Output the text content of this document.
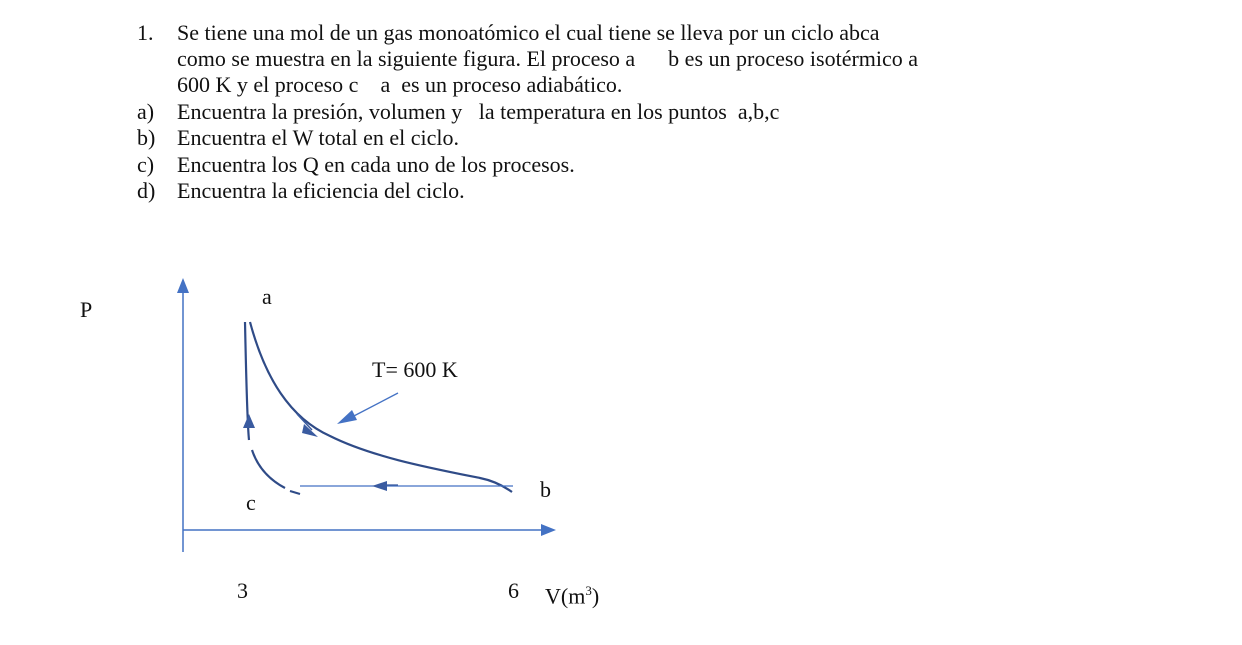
1. Se tiene una mol de un gas monoatómico el cual tiene se lleva por un ciclo abca
como se muestra en la siguiente figura. El proceso a      b es un proceso isotérmico a
600 K y el proceso c    a  es un proceso adiabático.
a) Encuentra la presión, volumen y   la temperatura en los puntos  a,b,c
b) Encuentra el W total en el ciclo.
c) Encuentra los Q en cada uno de los procesos.
d) Encuentra la eficiencia del ciclo.
P
a
T= 600 K
b
c
3	6 $V(m^3)$
